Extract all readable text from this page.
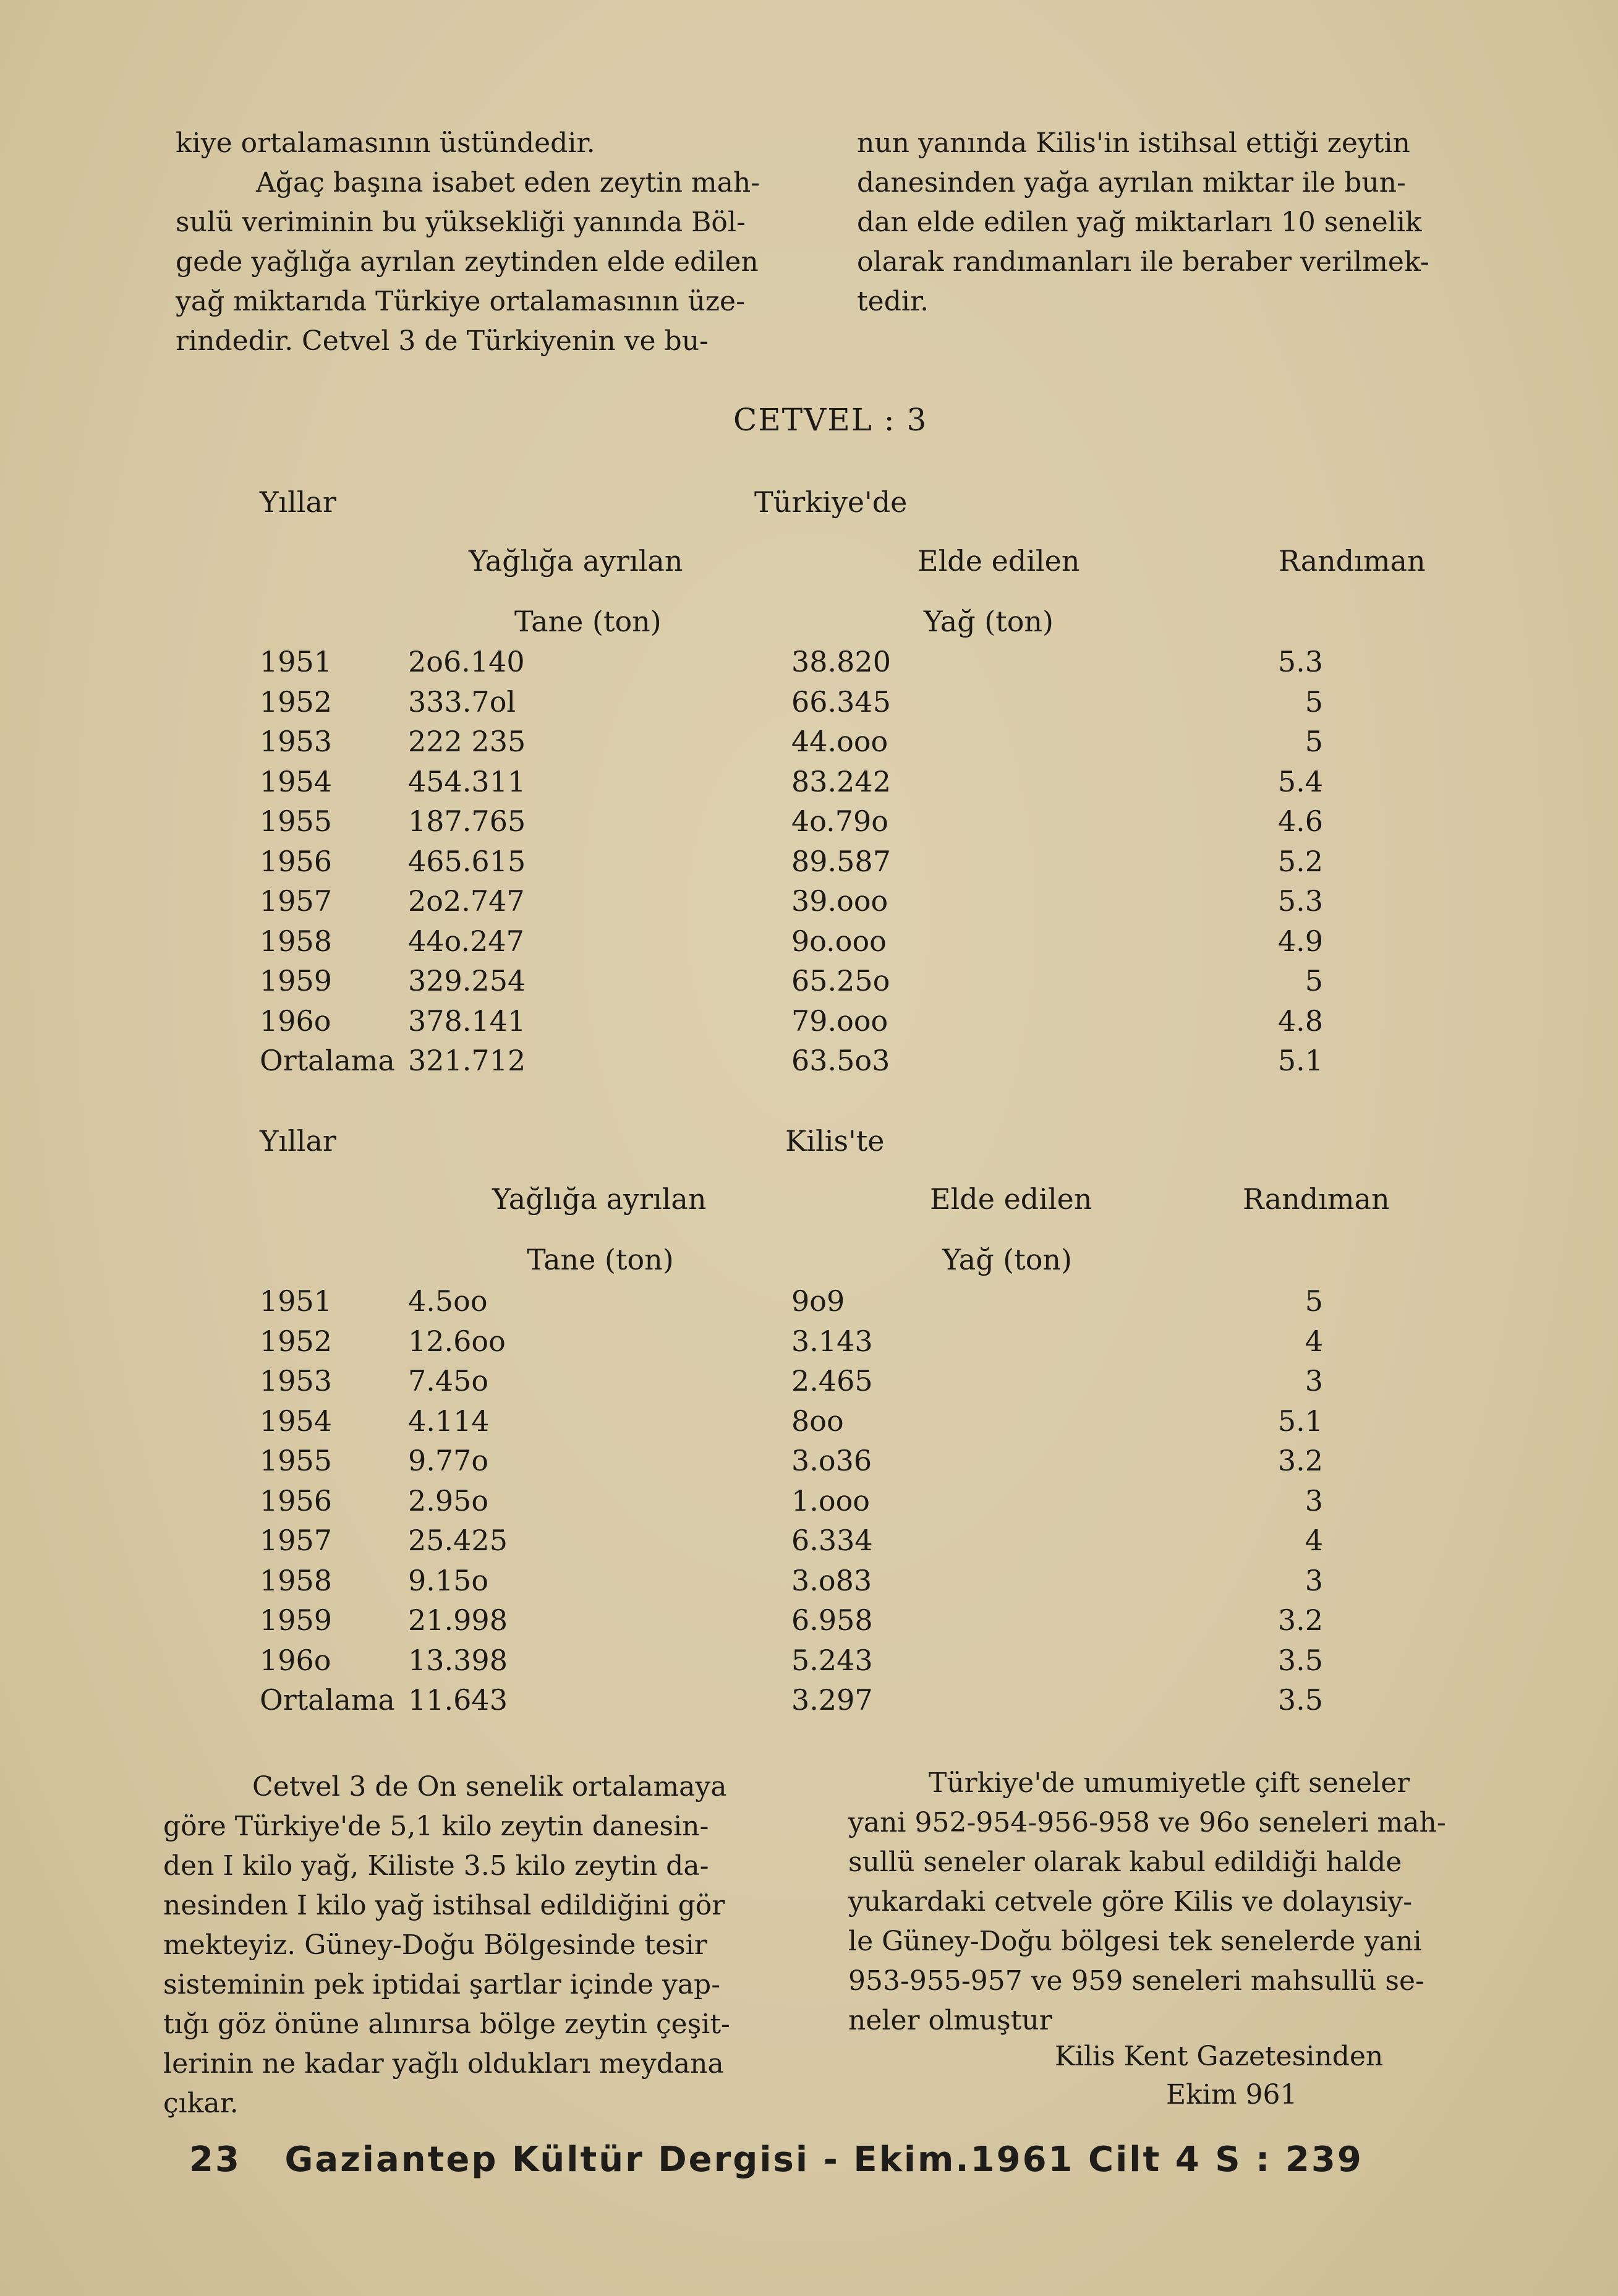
kiye ortalamasının üstündedir.
Ağaç başına isabet eden zeytin mah-
sulü veriminin bu yüksekliği yanında Böl-
gede yağlığa ayrılan zeytinden elde edilen
yağ miktarıda Türkiye ortalamasının üze-
rindedir. Cetvel 3 de Türkiyenin ve bu-
nun yanında Kilis'in istihsal ettiği zeytin
danesinden yağa ayrılan miktar ile bun-
dan elde edilen yağ miktarları 10 senelik
olarak randımanları ile beraber verilmek-
tedir.
CETVEL : 3
Yıllar	Türkiye'de
Yağlığa ayrılan	Elde edilen	Randıman
Tane (ton)	Yağ (ton)
1951	2o6.140	38.820	5.3
1952	333.7ol	66.345	5
1953	222 235	44.ooo	5
1954	454.311	83.242	5.4
1955	187.765	4o.79o	4.6
1956	465.615	89.587	5.2
1957	2o2.747	39.ooo	5.3
1958	44o.247	9o.ooo	4.9
1959	329.254	65.25o	5
196o	378.141	79.ooo	4.8
Ortalama	321.712	63.5o3	5.1
Yıllar	Kilis'te
Yağlığa ayrılan	Elde edilen	Randıman
Tane (ton)	Yağ (ton)
1951	4.5oo	9o9	5
1952	12.6oo	3.143	4
1953	7.45o	2.465	3
1954	4.114	8oo	5.1
1955	9.77o	3.o36	3.2
1956	2.95o	1.ooo	3
1957	25.425	6.334	4
1958	9.15o	3.o83	3
1959	21.998	6.958	3.2
196o	13.398	5.243	3.5
Ortalama	11.643	3.297	3.5
Cetvel 3 de On senelik ortalamaya
göre Türkiye'de 5,1 kilo zeytin danesin-
den I kilo yağ, Kiliste 3.5 kilo zeytin da-
nesinden I kilo yağ istihsal edildiğini gör
mekteyiz. Güney-Doğu Bölgesinde tesir
sisteminin pek iptidai şartlar içinde yap-
tığı göz önüne alınırsa bölge zeytin çeşit-
lerinin ne kadar yağlı oldukları meydana
çıkar.
Türkiye'de umumiyetle çift seneler
yani 952-954-956-958 ve 96o seneleri mah-
sullü seneler olarak kabul edildiği halde
yukardaki cetvele göre Kilis ve dolayısiy-
le Güney-Doğu bölgesi tek senelerde yani
953-955-957 ve 959 seneleri mahsullü se-
neler olmuştur
Kilis Kent Gazetesinden
Ekim 961
23 Gaziantep Kültür Dergisi - Ekim.1961 Cilt 4 S : 239
